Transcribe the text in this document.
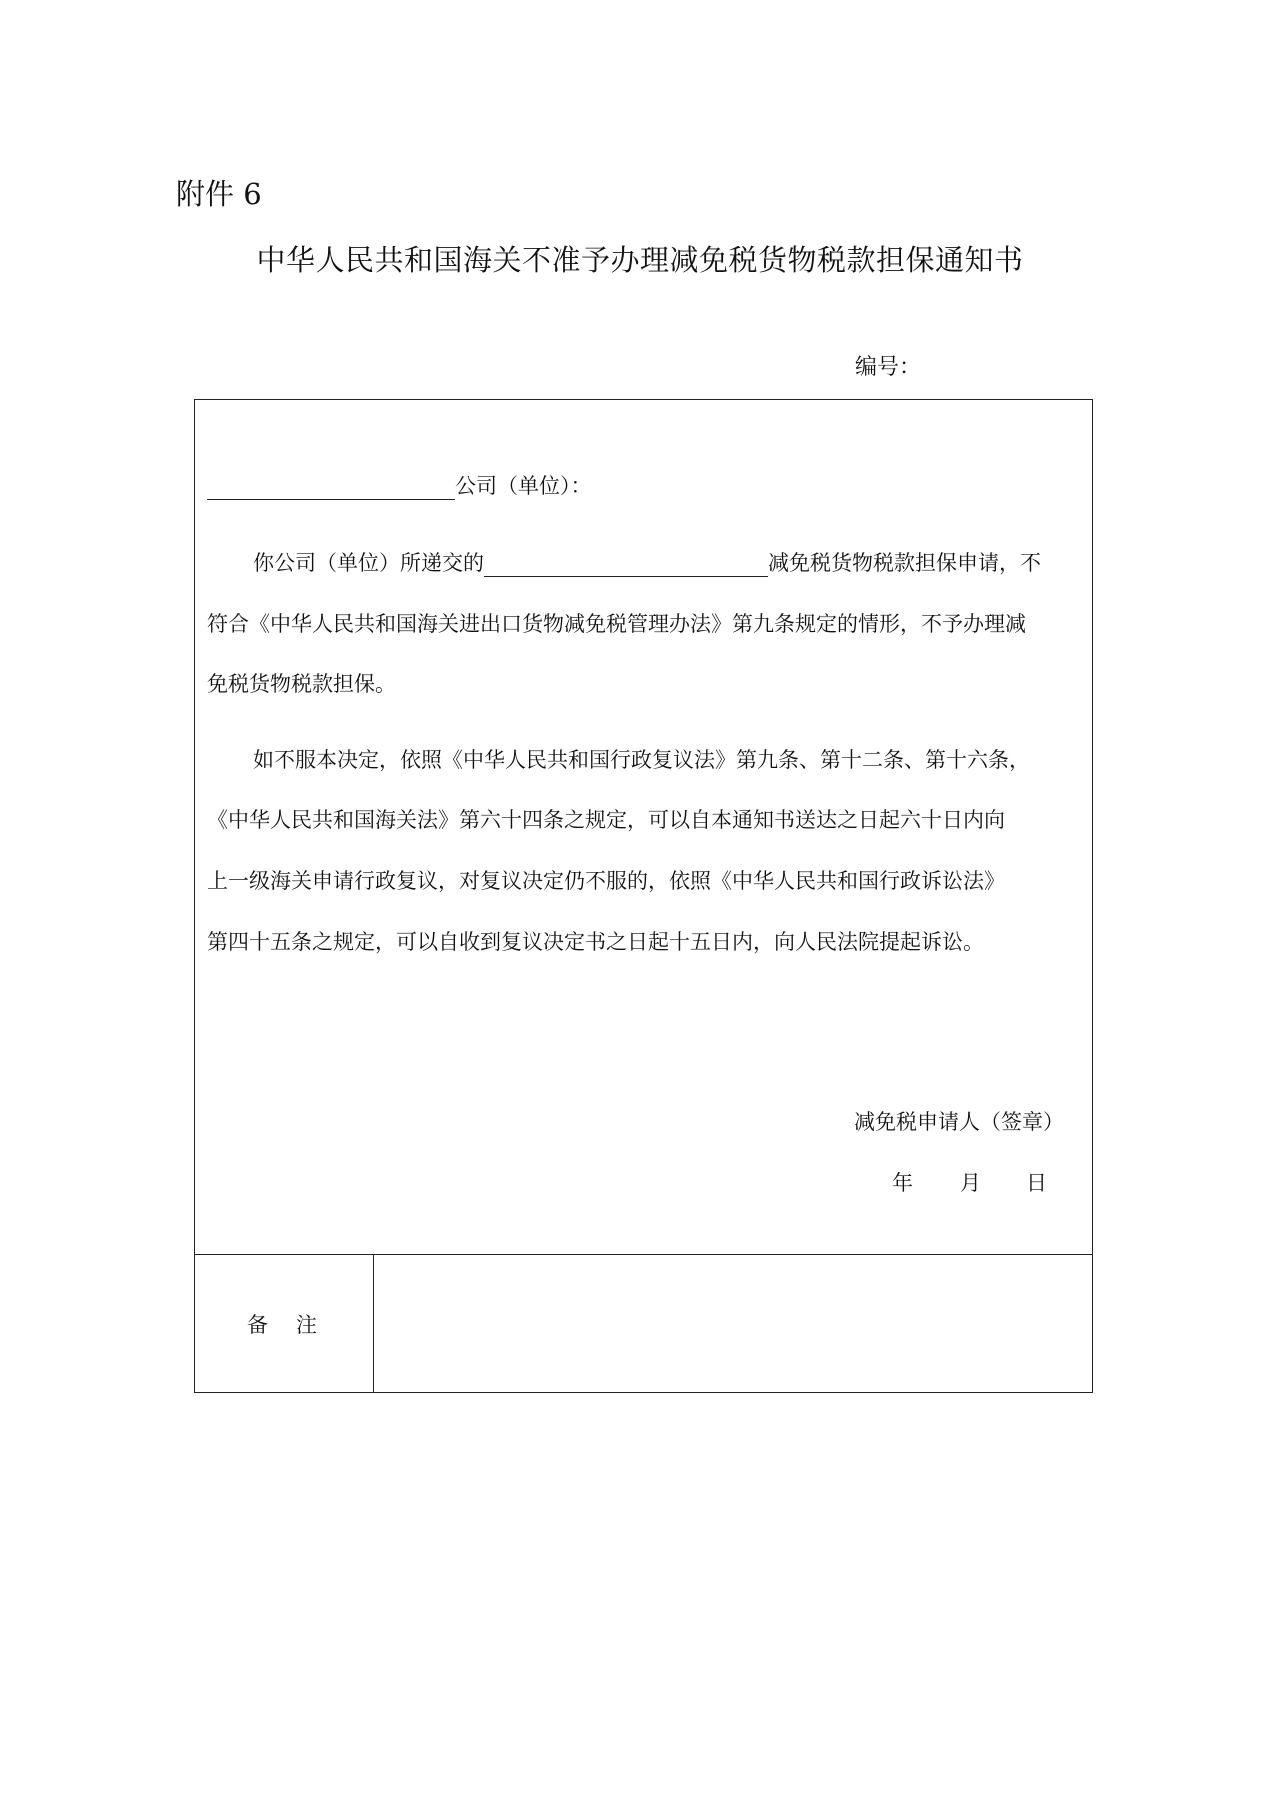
附件 6
中华人民共和国海关不准予办理减免税货物税款担保通知书
编号：
公司（单位）：
你公司（单位）所递交的	减免税货物税款担保申请，不
符合《中华人民共和国海关进出口货物减免税管理办法》第九条规定的情形，不予办理减
免税货物税款担保。
如不服本决定，依照《中华人民共和国行政复议法》第九条、第十二条、第十六条，
《中华人民共和国海关法》第六十四条之规定，可以自本通知书送达之日起六十日内向
上一级海关申请行政复议，对复议决定仍不服的，依照《中华人民共和国行政诉讼法》
第四十五条之规定，可以自收到复议决定书之日起十五日内，向人民法院提起诉讼。
减免税申请人（签章）
年 月 日
备注
